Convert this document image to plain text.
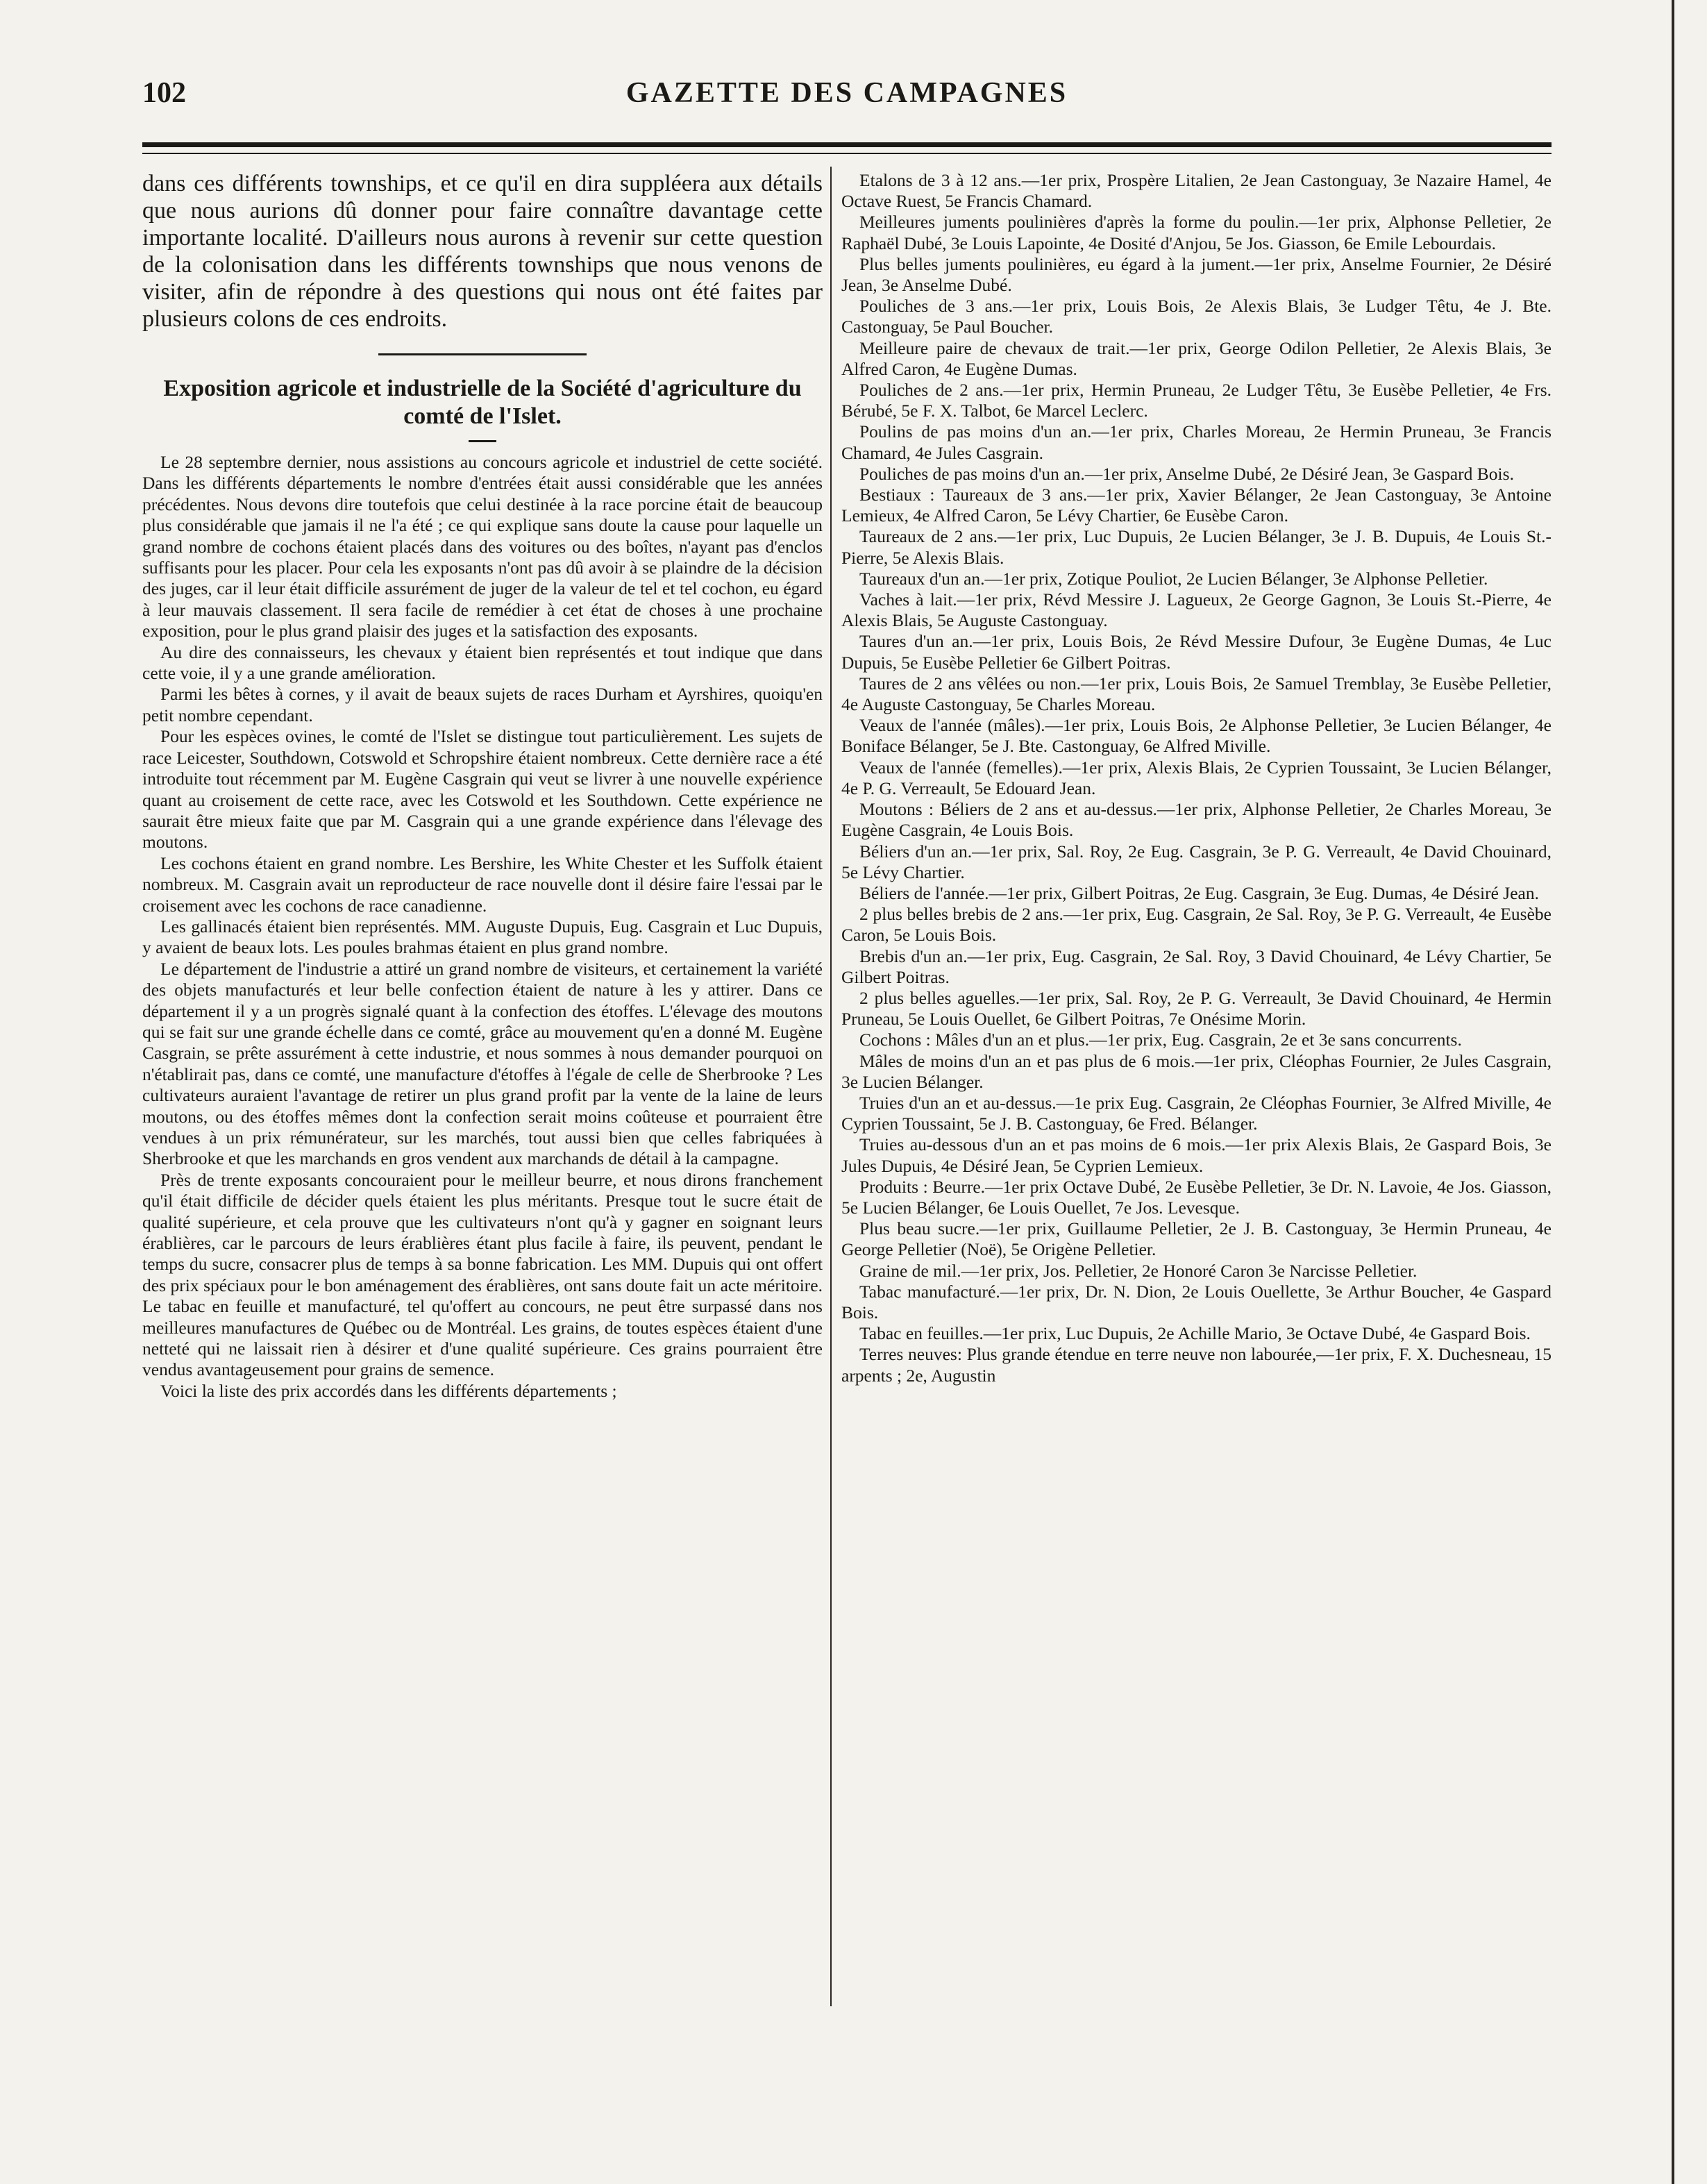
102	GAZETTE DES CAMPAGNES

dans ces différents townships, et ce qu'il en dira suppléera aux détails que nous aurions dû donner pour faire connaître davantage cette importante localité. D'ailleurs nous aurons à revenir sur cette question de la colonisation dans les différents townships que nous venons de visiter, afin de répondre à des questions qui nous ont été faites par plusieurs colons de ces endroits.

Exposition agricole et industrielle de la Société d'agriculture du comté de l'Islet.

Le 28 septembre dernier, nous assistions au concours agricole et industriel de cette société. Dans les différents départements le nombre d'entrées était aussi considérable que les années précédentes. Nous devons dire toutefois que celui destinée à la race porcine était de beaucoup plus considérable que jamais il ne l'a été ; ce qui explique sans doute la cause pour laquelle un grand nombre de cochons étaient placés dans des voitures ou des boîtes, n'ayant pas d'enclos suffisants pour les placer. Pour cela les exposants n'ont pas dû avoir à se plaindre de la décision des juges, car il leur était difficile assurément de juger de la valeur de tel et tel cochon, eu égard à leur mauvais classement. Il sera facile de remédier à cet état de choses à une prochaine exposition, pour le plus grand plaisir des juges et la satisfaction des exposants.

Au dire des connaisseurs, les chevaux y étaient bien représentés et tout indique que dans cette voie, il y a une grande amélioration.

Parmi les bêtes à cornes, y il avait de beaux sujets de races Durham et Ayrshires, quoiqu'en petit nombre cependant.

Pour les espèces ovines, le comté de l'Islet se distingue tout particulièrement. Les sujets de race Leicester, Southdown, Cotswold et Schropshire étaient nombreux. Cette dernière race a été introduite tout récemment par M. Eugène Casgrain qui veut se livrer à une nouvelle expérience quant au croisement de cette race, avec les Cotswold et les Southdown. Cette expérience ne saurait être mieux faite que par M. Casgrain qui a une grande expérience dans l'élevage des moutons.

Les cochons étaient en grand nombre. Les Bershire, les White Chester et les Suffolk étaient nombreux. M. Casgrain avait un reproducteur de race nouvelle dont il désire faire l'essai par le croisement avec les cochons de race canadienne.

Les gallinacés étaient bien représentés. MM. Auguste Dupuis, Eug. Casgrain et Luc Dupuis, y avaient de beaux lots. Les poules brahmas étaient en plus grand nombre.

Le département de l'industrie a attiré un grand nombre de visiteurs, et certainement la variété des objets manufacturés et leur belle confection étaient de nature à les y attirer. Dans ce département il y a un progrès signalé quant à la confection des étoffes. L'élevage des moutons qui se fait sur une grande échelle dans ce comté, grâce au mouvement qu'en a donné M. Eugène Casgrain, se prête assurément à cette industrie, et nous sommes à nous demander pourquoi on n'établirait pas, dans ce comté, une manufacture d'étoffes à l'égale de celle de Sherbrooke ? Les cultivateurs auraient l'avantage de retirer un plus grand profit par la vente de la laine de leurs moutons, ou des étoffes mêmes dont la confection serait moins coûteuse et pourraient être vendues à un prix rémunérateur, sur les marchés, tout aussi bien que celles fabriquées à Sherbrooke et que les marchands en gros vendent aux marchands de détail à la campagne.

Près de trente exposants concouraient pour le meilleur beurre, et nous dirons franchement qu'il était difficile de décider quels étaient les plus méritants. Presque tout le sucre était de qualité supérieure, et cela prouve que les cultivateurs n'ont qu'à y gagner en soignant leurs érablières, car le parcours de leurs érablières étant plus facile à faire, ils peuvent, pendant le temps du sucre, consacrer plus de temps à sa bonne fabrication. Les MM. Dupuis qui ont offert des prix spéciaux pour le bon aménagement des érablières, ont sans doute fait un acte méritoire. Le tabac en feuille et manufacturé, tel qu'offert au concours, ne peut être surpassé dans nos meilleures manufactures de Québec ou de Montréal. Les grains, de toutes espèces étaient d'une netteté qui ne laissait rien à désirer et d'une qualité supérieure. Ces grains pourraient être vendus avantageusement pour grains de semence.

Voici la liste des prix accordés dans les différents départements ;

Etalons de 3 à 12 ans.—1er prix, Prospère Litalien, 2e Jean Castonguay, 3e Nazaire Hamel, 4e Octave Ruest, 5e Francis Chamard.

Meilleures juments poulinières d'après la forme du poulin.—1er prix, Alphonse Pelletier, 2e Raphaël Dubé, 3e Louis Lapointe, 4e Dosité d'Anjou, 5e Jos. Giasson, 6e Emile Lebourdais.

Plus belles juments poulinières, eu égard à la jument.—1er prix, Anselme Fournier, 2e Désiré Jean, 3e Anselme Dubé.

Pouliches de 3 ans.—1er prix, Louis Bois, 2e Alexis Blais, 3e Ludger Têtu, 4e J. Bte. Castonguay, 5e Paul Boucher.

Meilleure paire de chevaux de trait.—1er prix, George Odilon Pelletier, 2e Alexis Blais, 3e Alfred Caron, 4e Eugène Dumas.

Pouliches de 2 ans.—1er prix, Hermin Pruneau, 2e Ludger Têtu, 3e Eusèbe Pelletier, 4e Frs. Bérubé, 5e F. X. Talbot, 6e Marcel Leclerc.

Poulins de pas moins d'un an.—1er prix, Charles Moreau, 2e Hermin Pruneau, 3e Francis Chamard, 4e Jules Casgrain.

Pouliches de pas moins d'un an.—1er prix, Anselme Dubé, 2e Désiré Jean, 3e Gaspard Bois.

Bestiaux : Taureaux de 3 ans.—1er prix, Xavier Bélanger, 2e Jean Castonguay, 3e Antoine Lemieux, 4e Alfred Caron, 5e Lévy Chartier, 6e Eusèbe Caron.

Taureaux de 2 ans.—1er prix, Luc Dupuis, 2e Lucien Bélanger, 3e J. B. Dupuis, 4e Louis St.-Pierre, 5e Alexis Blais.

Taureaux d'un an.—1er prix, Zotique Pouliot, 2e Lucien Bélanger, 3e Alphonse Pelletier.

Vaches à lait.—1er prix, Révd Messire J. Lagueux, 2e George Gagnon, 3e Louis St.-Pierre, 4e Alexis Blais, 5e Auguste Castonguay.

Taures d'un an.—1er prix, Louis Bois, 2e Révd Messire Dufour, 3e Eugène Dumas, 4e Luc Dupuis, 5e Eusèbe Pelletier 6e Gilbert Poitras.

Taures de 2 ans vêlées ou non.—1er prix, Louis Bois, 2e Samuel Tremblay, 3e Eusèbe Pelletier, 4e Auguste Castonguay, 5e Charles Moreau.

Veaux de l'année (mâles).—1er prix, Louis Bois, 2e Alphonse Pelletier, 3e Lucien Bélanger, 4e Boniface Bélanger, 5e J. Bte. Castonguay, 6e Alfred Miville.

Veaux de l'année (femelles).—1er prix, Alexis Blais, 2e Cyprien Toussaint, 3e Lucien Bélanger, 4e P. G. Verreault, 5e Edouard Jean.

Moutons : Béliers de 2 ans et au-dessus.—1er prix, Alphonse Pelletier, 2e Charles Moreau, 3e Eugène Casgrain, 4e Louis Bois.

Béliers d'un an.—1er prix, Sal. Roy, 2e Eug. Casgrain, 3e P. G. Verreault, 4e David Chouinard, 5e Lévy Chartier.

Béliers de l'année.—1er prix, Gilbert Poitras, 2e Eug. Casgrain, 3e Eug. Dumas, 4e Désiré Jean.

2 plus belles brebis de 2 ans.—1er prix, Eug. Casgrain, 2e Sal. Roy, 3e P. G. Verreault, 4e Eusèbe Caron, 5e Louis Bois.

Brebis d'un an.—1er prix, Eug. Casgrain, 2e Sal. Roy, 3 David Chouinard, 4e Lévy Chartier, 5e Gilbert Poitras.

2 plus belles aguelles.—1er prix, Sal. Roy, 2e P. G. Verreault, 3e David Chouinard, 4e Hermin Pruneau, 5e Louis Ouellet, 6e Gilbert Poitras, 7e Onésime Morin.

Cochons : Mâles d'un an et plus.—1er prix, Eug. Casgrain, 2e et 3e sans concurrents.

Mâles de moins d'un an et pas plus de 6 mois.—1er prix, Cléophas Fournier, 2e Jules Casgrain, 3e Lucien Bélanger.

Truies d'un an et au-dessus.—1e prix Eug. Casgrain, 2e Cléophas Fournier, 3e Alfred Miville, 4e Cyprien Toussaint, 5e J. B. Castonguay, 6e Fred. Bélanger.

Truies au-dessous d'un an et pas moins de 6 mois.—1er prix Alexis Blais, 2e Gaspard Bois, 3e Jules Dupuis, 4e Désiré Jean, 5e Cyprien Lemieux.

Produits : Beurre.—1er prix Octave Dubé, 2e Eusèbe Pelletier, 3e Dr. N. Lavoie, 4e Jos. Giasson, 5e Lucien Bélanger, 6e Louis Ouellet, 7e Jos. Levesque.

Plus beau sucre.—1er prix, Guillaume Pelletier, 2e J. B. Castonguay, 3e Hermin Pruneau, 4e George Pelletier (Noë), 5e Origène Pelletier.

Graine de mil.—1er prix, Jos. Pelletier, 2e Honoré Caron 3e Narcisse Pelletier.

Tabac manufacturé.—1er prix, Dr. N. Dion, 2e Louis Ouellette, 3e Arthur Boucher, 4e Gaspard Bois.

Tabac en feuilles.—1er prix, Luc Dupuis, 2e Achille Mario, 3e Octave Dubé, 4e Gaspard Bois.

Terres neuves: Plus grande étendue en terre neuve non labourée,—1er prix, F. X. Duchesneau, 15 arpents ; 2e, Augustin
